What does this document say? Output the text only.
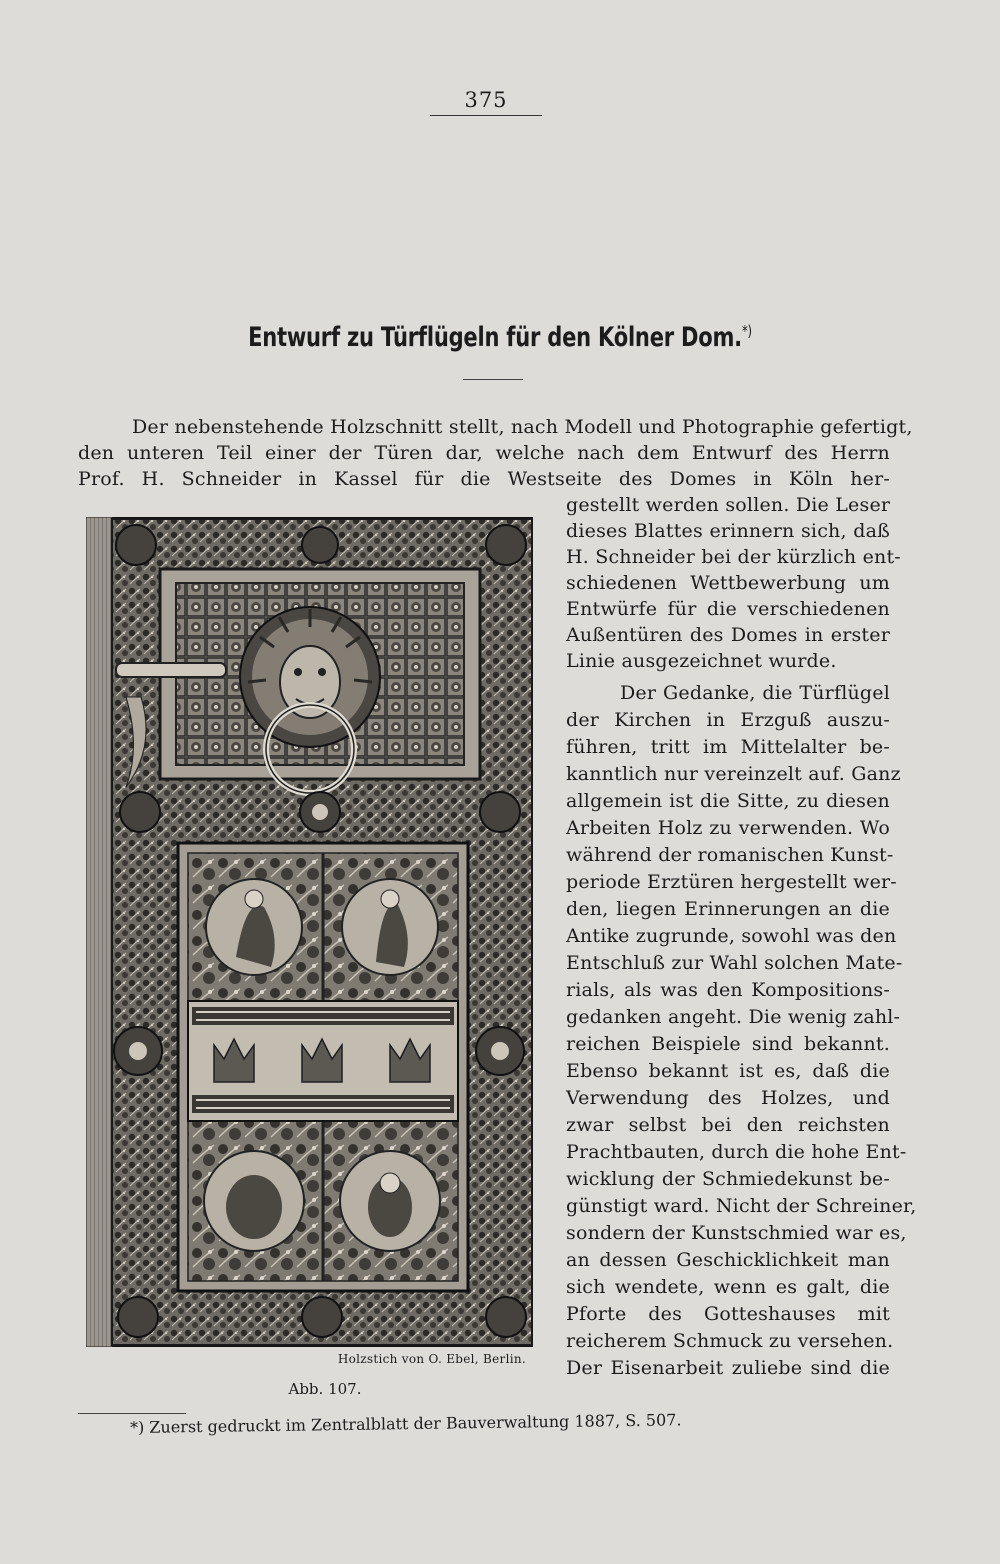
375
Entwurf zu Türflügeln für den Kölner Dom.*)
Der nebenstehende Holzschnitt stellt, nach Modell und Photographie gefertigt,
den unteren Teil einer der Türen dar, welche nach dem Entwurf des Herrn
Prof. H. Schneider in Kassel für die Westseite des Domes in Köln her-
gestellt werden sollen. Die Leser
dieses Blattes erinnern sich, daß
H. Schneider bei der kürzlich ent-
schiedenen Wettbewerbung um
Entwürfe für die verschiedenen
Außentüren des Domes in erster
Linie ausgezeichnet wurde.
Der Gedanke, die Türflügel
der Kirchen in Erzguß auszu-
führen, tritt im Mittelalter be-
kanntlich nur vereinzelt auf. Ganz
allgemein ist die Sitte, zu diesen
Arbeiten Holz zu verwenden. Wo
während der romanischen Kunst-
periode Erztüren hergestellt wer-
den, liegen Erinnerungen an die
Antike zugrunde, sowohl was den
Entschluß zur Wahl solchen Mate-
rials, als was den Kompositions-
gedanken angeht. Die wenig zahl-
reichen Beispiele sind bekannt.
Ebenso bekannt ist es, daß die
Verwendung des Holzes, und
zwar selbst bei den reichsten
Prachtbauten, durch die hohe Ent-
wicklung der Schmiedekunst be-
günstigt ward. Nicht der Schreiner,
sondern der Kunstschmied war es,
an dessen Geschicklichkeit man
sich wendete, wenn es galt, die
Pforte des Gotteshauses mit
reicherem Schmuck zu versehen.
Der Eisenarbeit zuliebe sind die
Holzstich von O. Ebel, Berlin.
Abb. 107.
*) Zuerst gedruckt im Zentralblatt der Bauverwaltung 1887, S. 507.
